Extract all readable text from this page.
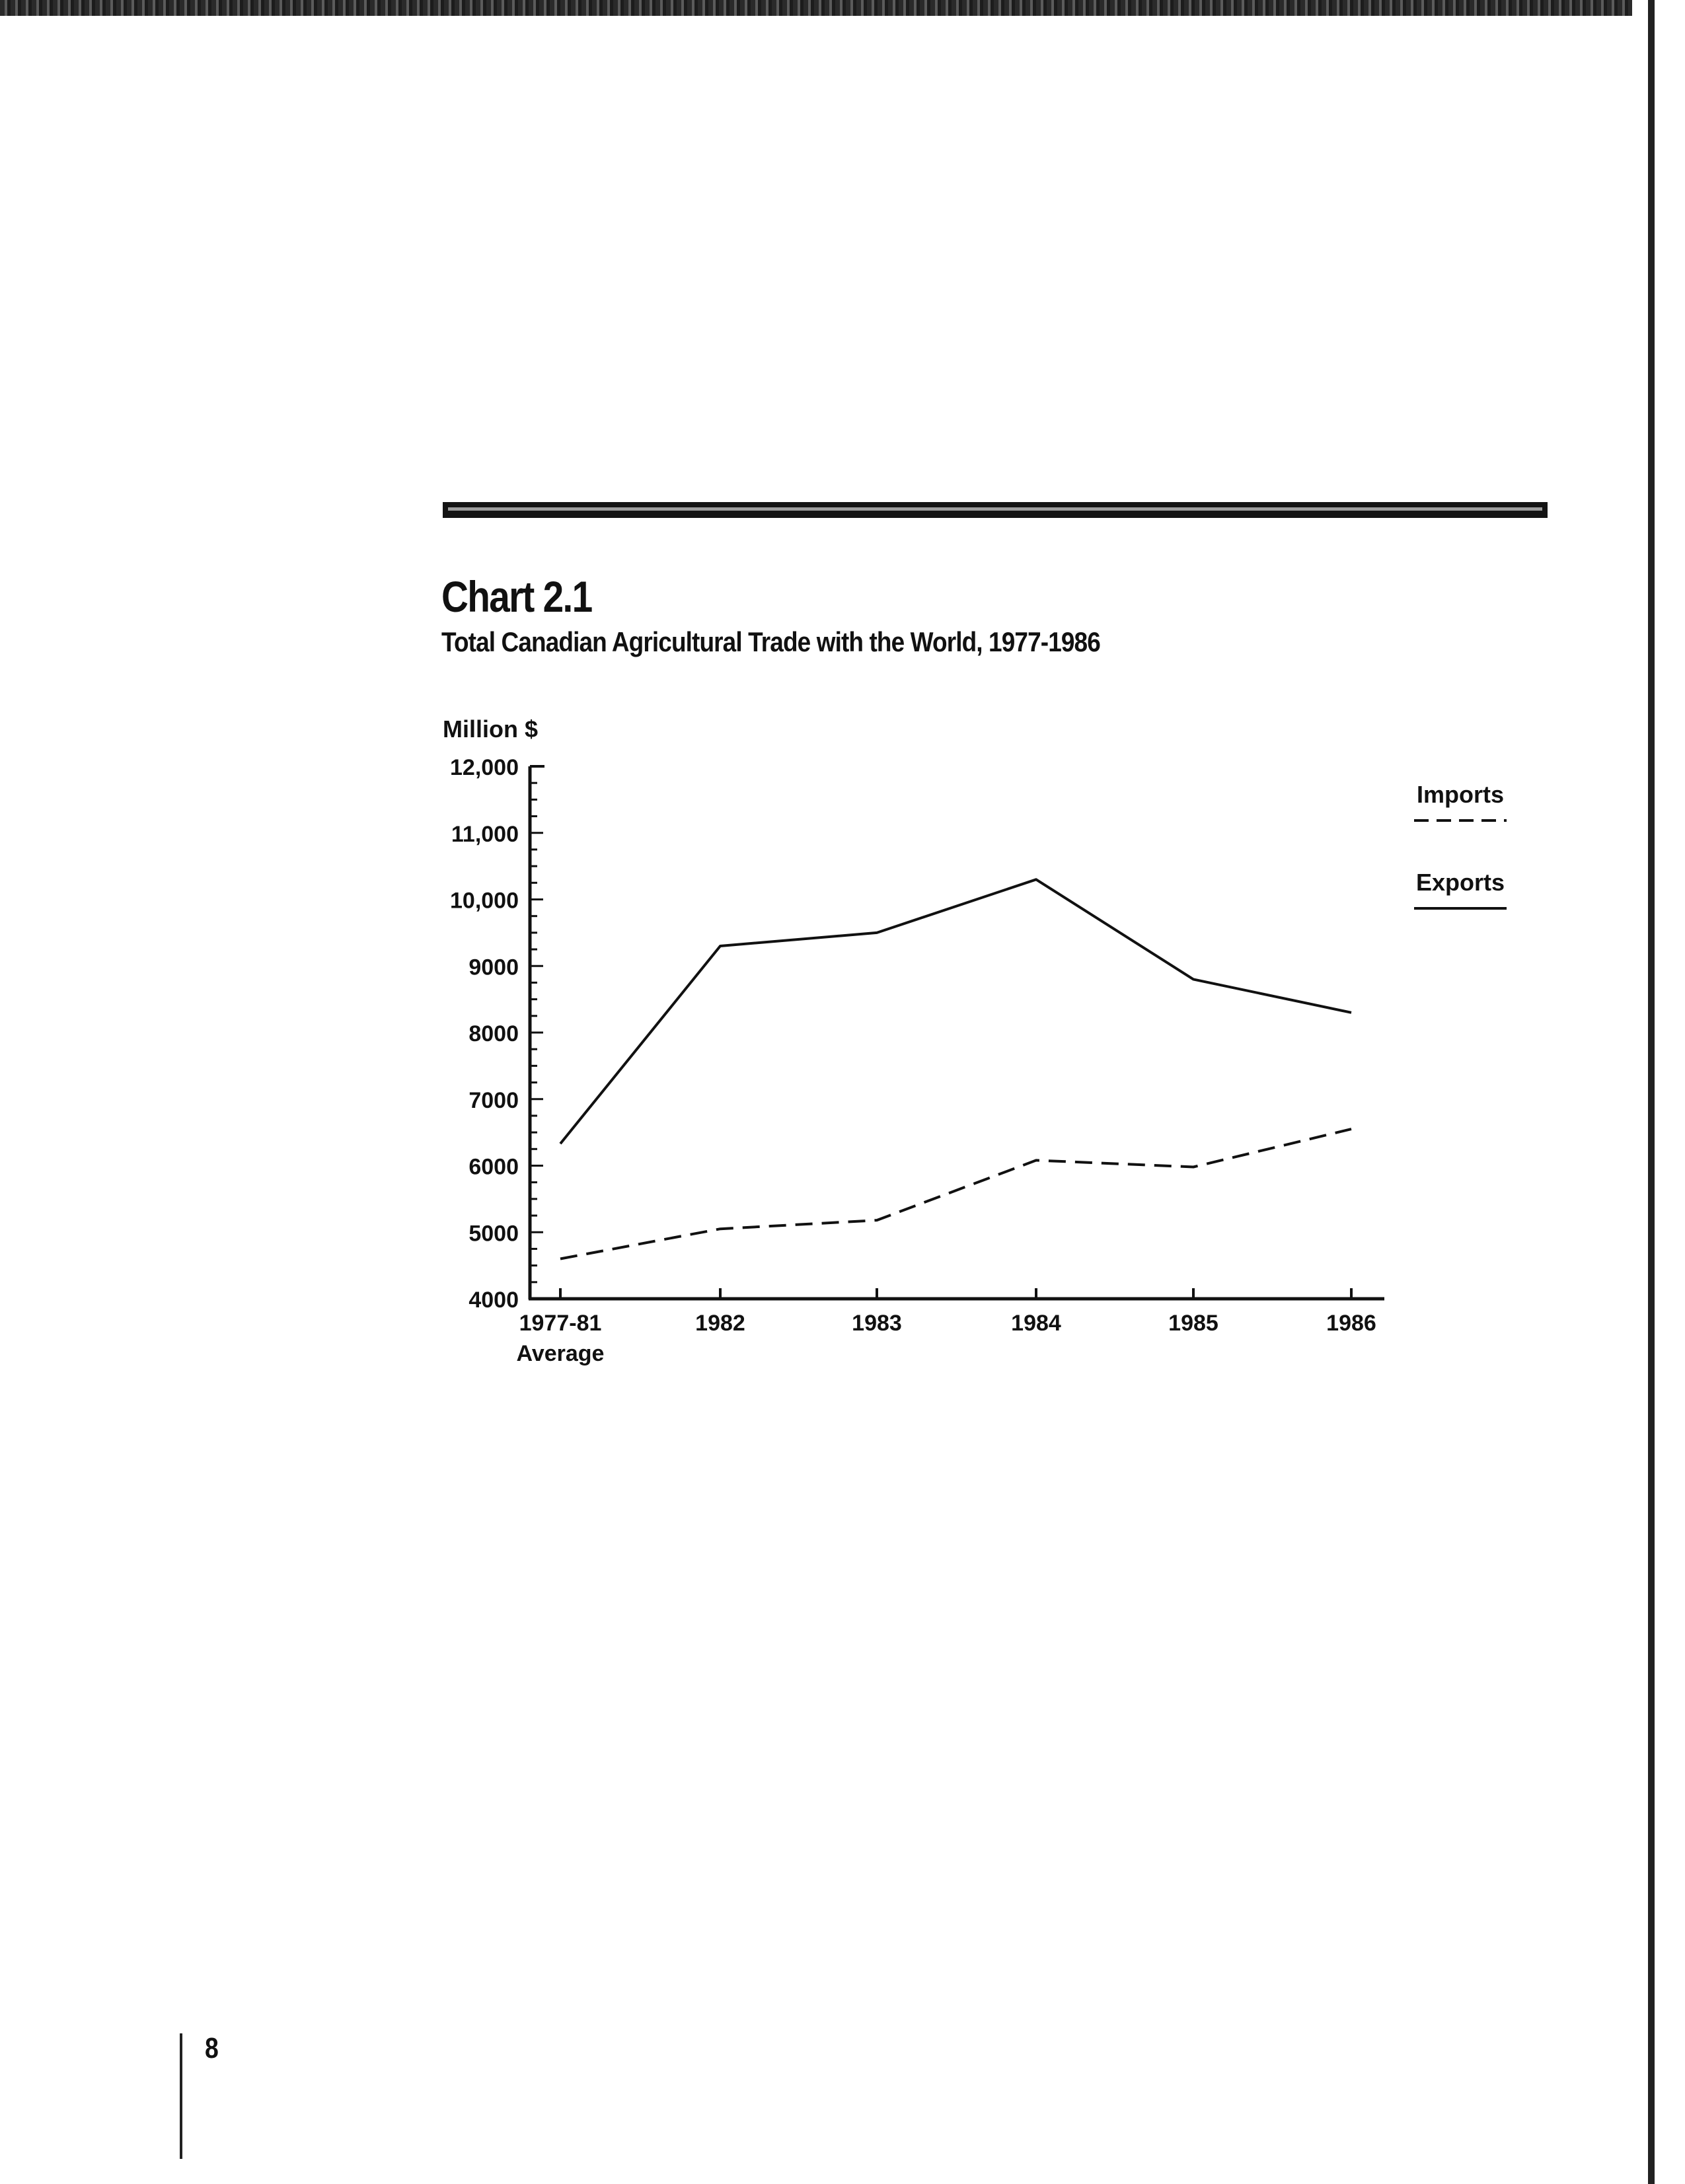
Chart 2.1
Total Canadian Agricultural Trade with the World, 1977-1986
Million $
4000
5000
6000
7000
8000
9000
10,000
11,000
12,000
1977-81
Average
1982	1983	1984	1985	1986
Imports
Exports
8
